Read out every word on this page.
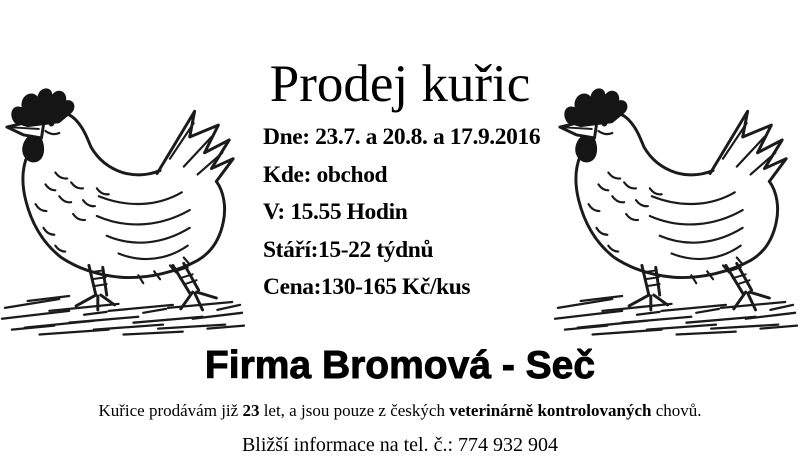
Prodej kuřic
Dne: 23.7. a 20.8. a 17.9.2016
Kde: obchod
V: 15.55 Hodin
Stáří:15-22 týdnů
Cena:130-165 Kč/kus
Firma Bromová - Seč

Kuřice prodávám již 23 let, a jsou pouze z českých veterinárně kontrolovaných chovů.

Bližší informace na tel. č.: 774 932 904
